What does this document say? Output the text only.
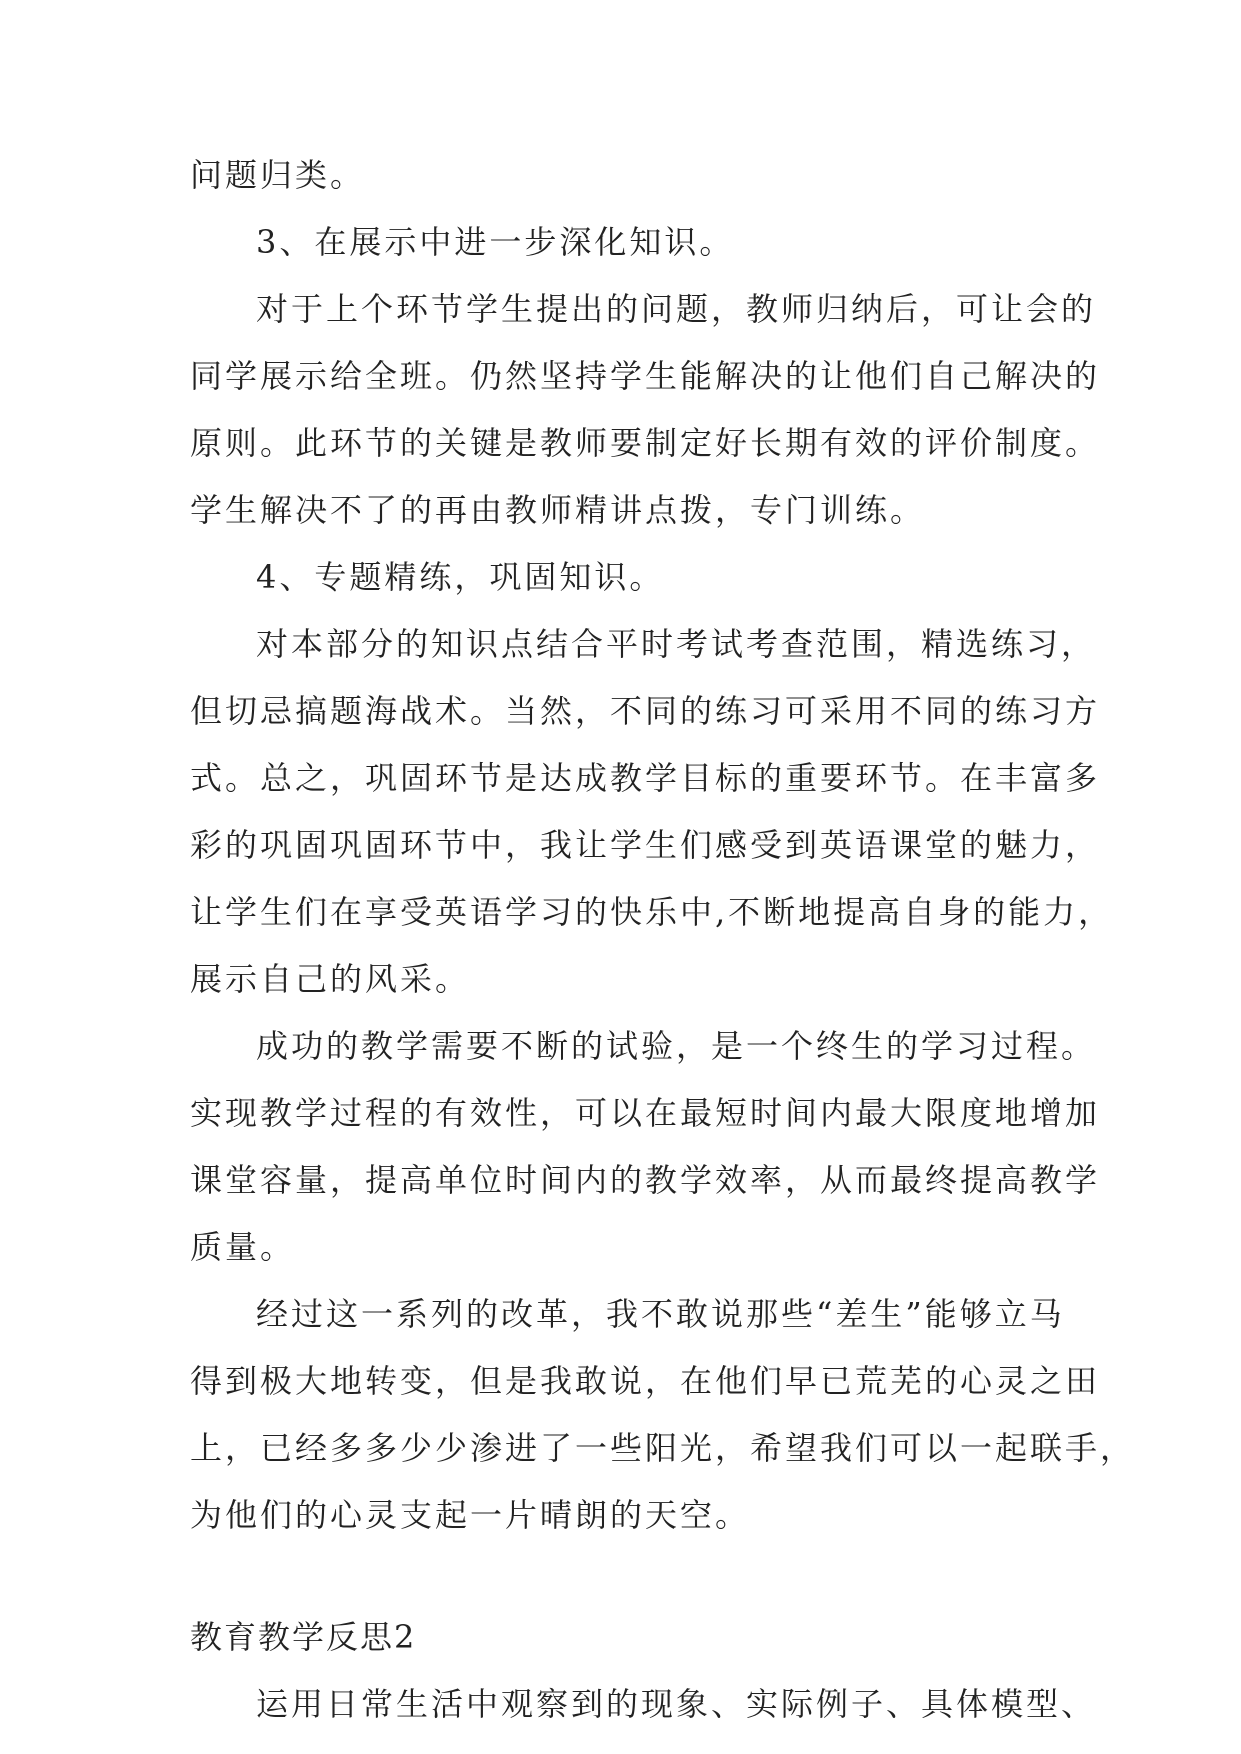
问题归类。
3、在展示中进一步深化知识。
对于上个环节学生提出的问题，教师归纳后，可让会的
同学展示给全班。仍然坚持学生能解决的让他们自己解决的
原则。此环节的关键是教师要制定好长期有效的评价制度。
学生解决不了的再由教师精讲点拨，专门训练。
4、专题精练，巩固知识。
对本部分的知识点结合平时考试考查范围，精选练习，
但切忌搞题海战术。当然，不同的练习可采用不同的练习方
式。总之，巩固环节是达成教学目标的重要环节。在丰富多
彩的巩固巩固环节中，我让学生们感受到英语课堂的魅力，
让学生们在享受英语学习的快乐中,不断地提高自身的能力，
展示自己的风采。
成功的教学需要不断的试验，是一个终生的学习过程。
实现教学过程的有效性，可以在最短时间内最大限度地增加
课堂容量，提高单位时间内的教学效率，从而最终提高教学
质量。
经过这一系列的改革，我不敢说那些“差生”能够立马
得到极大地转变，但是我敢说，在他们早已荒芜的心灵之田
上，已经多多少少渗进了一些阳光，希望我们可以一起联手，
为他们的心灵支起一片晴朗的天空。
教育教学反思2
运用日常生活中观察到的现象、实际例子、具体模型、
